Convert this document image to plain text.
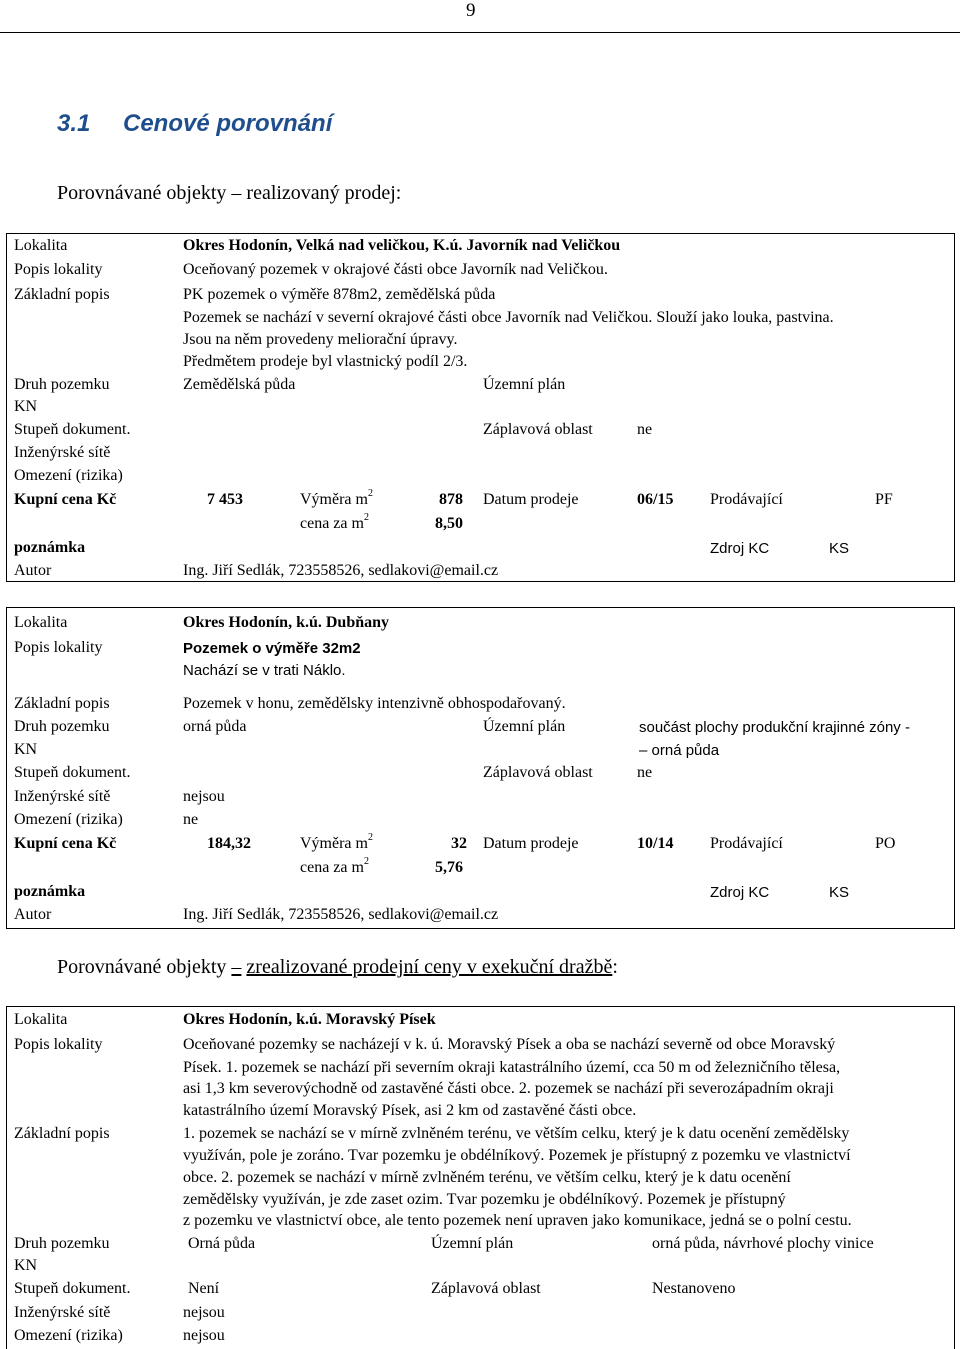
9
3.1 Cenové porovnání
Porovnávané objekty – realizovaný prodej:
Lokalita	Okres Hodonín, Velká nad veličkou, K.ú. Javorník nad Veličkou
Popis lokality	Oceňovaný pozemek v okrajové části obce Javorník nad Veličkou.
Základní popis	PK pozemek o výměře 878m2, zemědělská půda
Pozemek se nachází v severní okrajové části obce Javorník nad Veličkou. Slouží jako louka, pastvina.
Jsou na něm provedeny meliorační úpravy.
Předmětem prodeje byl vlastnický podíl 2/3.
Druh pozemku	Zemědělská půda	Územní plán
KN
Stupeň dokument.	Záplavová oblast	ne
Inženýrské sítě
Omezení (rizika)
Kupní cena Kč	7 453	Výměra $m^2$	878 Datum prodeje	06/15 Prodávající	PF
cena za $m^2$	8,50
poznámka	Zdroj KC	KS
Autor	Ing. Jiří Sedlák, 723558526, sedlakovi@email.cz
Lokalita	Okres Hodonín, k.ú. Dubňany
Popis lokality	Pozemek o výměře 32m2
Nachází se v trati Náklo.
Základní popis	Pozemek v honu, zemědělsky intenzivně obhospodařovaný.
Druh pozemku	orná půda	Územní plán	součást plochy produkční krajinné zóny -
KN	– orná půda
Stupeň dokument.	Záplavová oblast	ne
Inženýrské sítě	nejsou
Omezení (rizika)	ne
Kupní cena Kč	184,32	Výměra $m^2$	32 Datum prodeje	10/14 Prodávající	PO
cena za $m^2$	5,76
poznámka	Zdroj KC	KS
Autor	Ing. Jiří Sedlák, 723558526, sedlakovi@email.cz
Porovnávané objekty – zrealizované prodejní ceny v exekuční dražbě:
Lokalita	Okres Hodonín, k.ú. Moravský Písek
Popis lokality	Oceňované pozemky se nacházejí v k. ú. Moravský Písek a oba se nachází severně od obce Moravský
Písek. 1. pozemek se nachází při severním okraji katastrálního území, cca 50 m od železničního tělesa,
asi 1,3 km severovýchodně od zastavěné části obce. 2. pozemek se nachází při severozápadním okraji
katastrálního území Moravský Písek, asi 2 km od zastavěné části obce.
Základní popis	1. pozemek se nachází se v mírně zvlněném terénu, ve větším celku, který je k datu ocenění zemědělsky
využíván, pole je zoráno. Tvar pozemku je obdélníkový. Pozemek je přístupný z pozemku ve vlastnictví
obce. 2. pozemek se nachází v mírně zvlněném terénu, ve větším celku, který je k datu ocenění
zemědělsky využíván, je zde zaset ozim. Tvar pozemku je obdélníkový. Pozemek je přístupný
z pozemku ve vlastnictví obce, ale tento pozemek není upraven jako komunikace, jedná se o polní cestu.
Druh pozemku	Orná půda	Územní plán	orná půda, návrhové plochy vinice
KN
Stupeň dokument.	Není	Záplavová oblast	Nestanoveno
Inženýrské sítě	nejsou
Omezení (rizika)	nejsou
